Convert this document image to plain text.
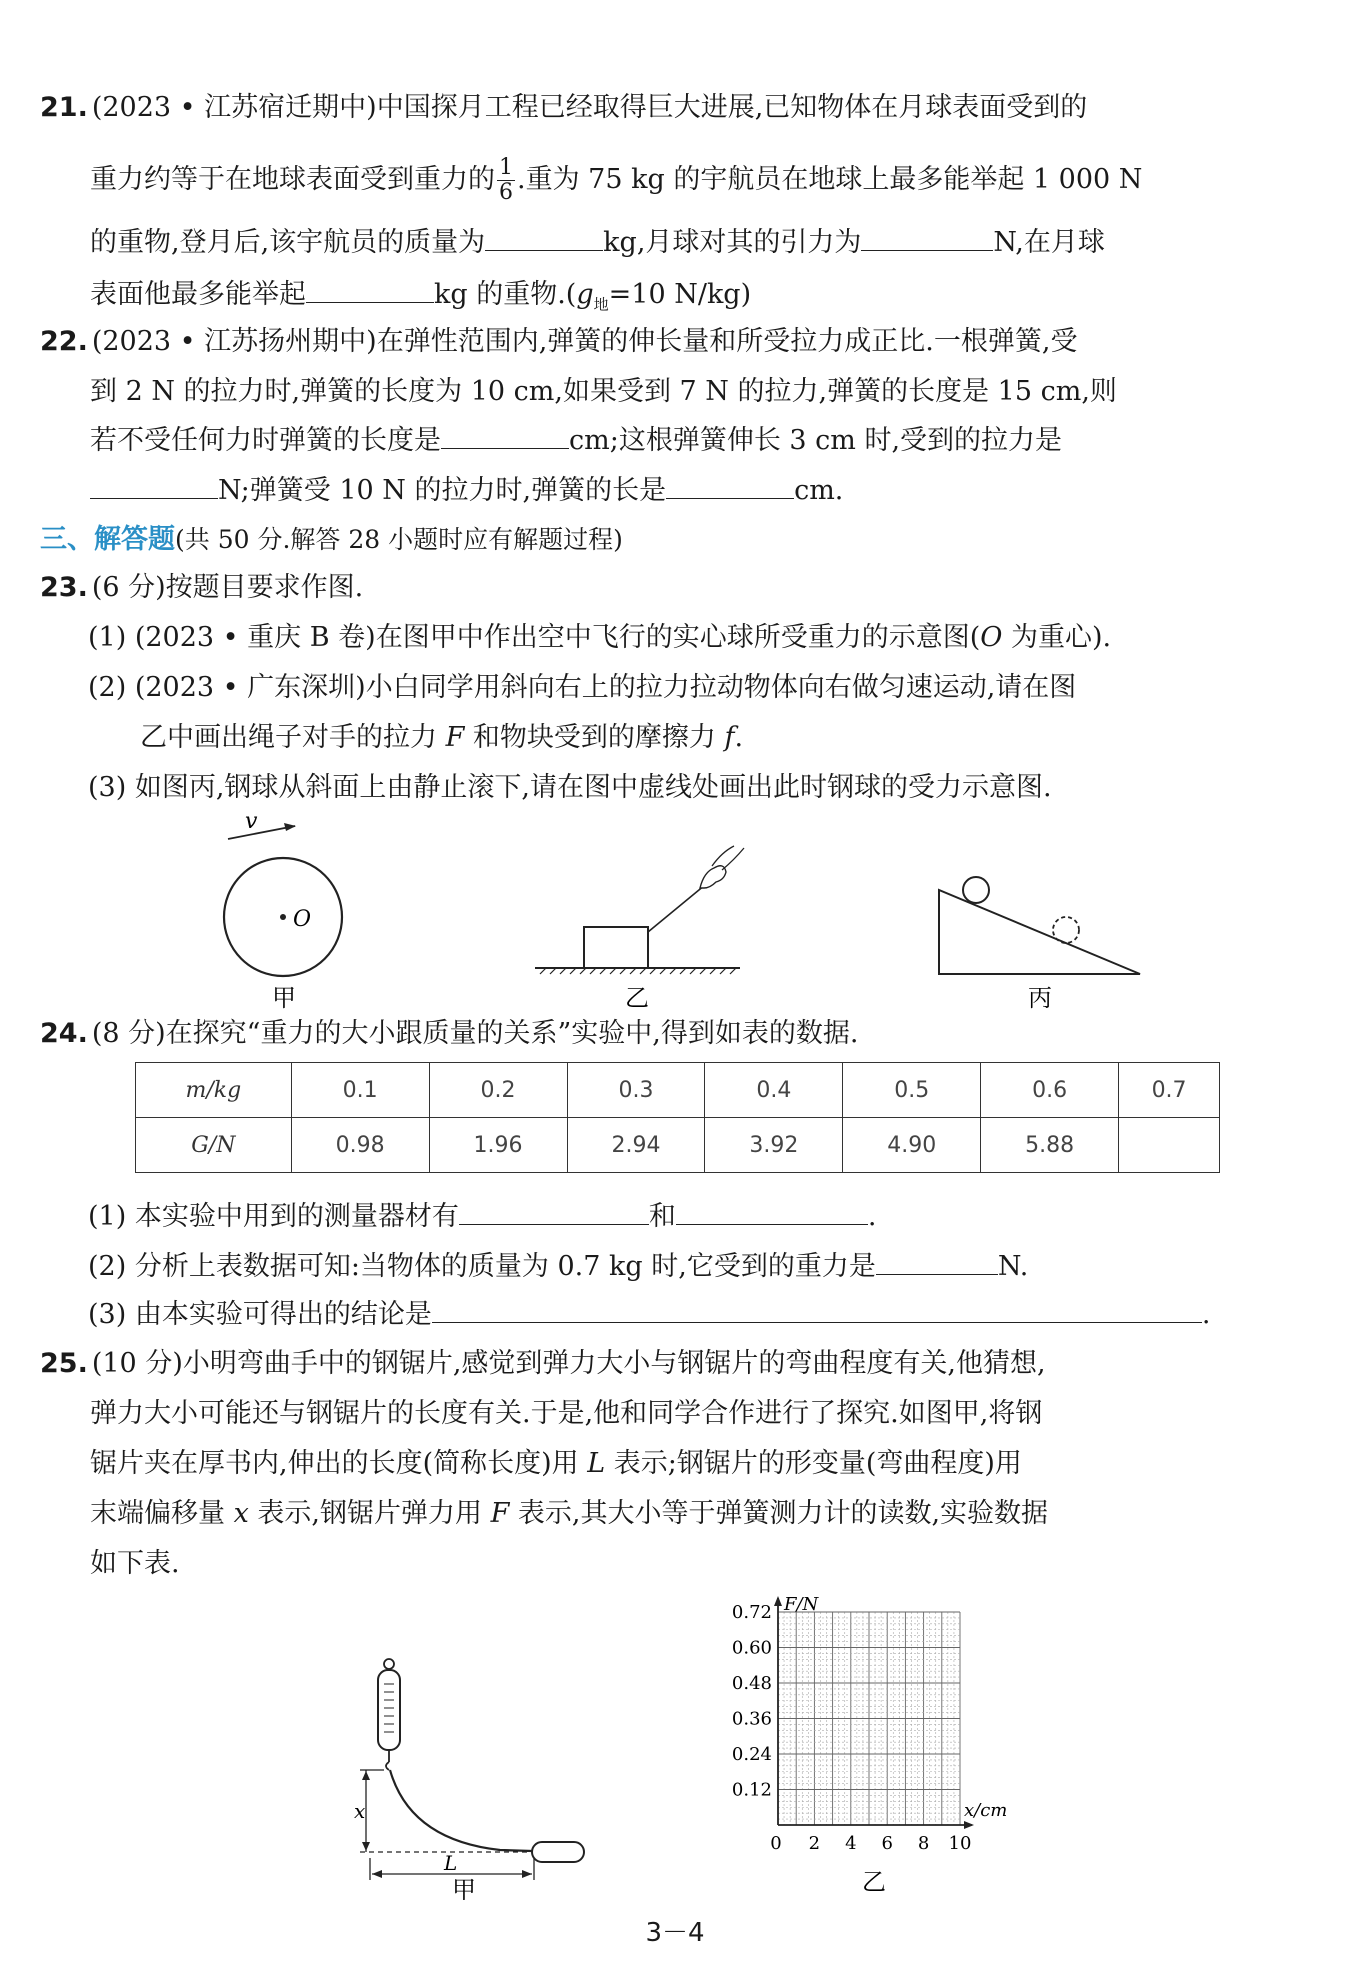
21. (2023 • 江苏宿迁期中)中国探月工程已经取得巨大进展,已知物体在月球表面受到的
重力约等于在地球表面受到重力的 $\frac{1}{6}$ .重为 75 kg 的宇航员在地球上最多能举起 1 000 N
的重物,登月后,该宇航员的质量为	kg,月球对其的引力为	N,在月球
表面他最多能举起	kg 的重物$.(g_地=10$ N/kg)
22. (2023 • 江苏扬州期中)在弹性范围内,弹簧的伸长量和所受拉力成正比.一根弹簧,受
到 2 N 的拉力时,弹簧的长度为 10 cm,如果受到 7 N 的拉力,弹簧的长度是 15 cm,则
若不受任何力时弹簧的长度是	cm;这根弹簧伸长 3 cm 时,受到的拉力是
N;弹簧受 10 N 的拉力时,弹簧的长是	cm.
三、解答题(共 50 分.解答 28 小题时应有解题过程)
23. (6 分)按题目要求作图.
(1) (2023 • 重庆 B 卷)在图甲中作出空中飞行的实心球所受重力的示意图(O 为重心).
(2) (2023 • 广东深圳)小白同学用斜向右上的拉力拉动物体向右做匀速运动,请在图
乙中画出绳子对手的拉力 F 和物块受到的摩擦力 f.
(3) 如图丙,钢球从斜面上由静止滚下,请在图中虚线处画出此时钢球的受力示意图.
v
O
甲	乙	丙
24. (8 分)在探究“重力的大小跟质量的关系”实验中,得到如表的数据.
m/kg	0.1	0.2	0.3	0.4	0.5	0.6	0.7
G/N	0.98	1.96	2.94	3.92	4.90	5.88	
(1) 本实验中用到的测量器材有	和	.
(2) 分析上表数据可知:当物体的质量为 0.7 kg 时,它受到的重力是	N.
(3) 由本实验可得出的结论是	.
25. (10 分)小明弯曲手中的钢锯片,感觉到弹力大小与钢锯片的弯曲程度有关,他猜想,
弹力大小可能还与钢锯片的长度有关.于是,他和同学合作进行了探究.如图甲,将钢
锯片夹在厚书内,伸出的长度(简称长度)用 L 表示;钢锯片的形变量(弯曲程度)用
末端偏移量 x 表示,钢锯片弹力用 F 表示,其大小等于弹簧测力计的读数,实验数据
如下表.
x
L
甲
F/N
x/cm
0.72
0.60
0.48
0.36
0.24
0.12
0 2 4 6 8 10
乙
3－4
